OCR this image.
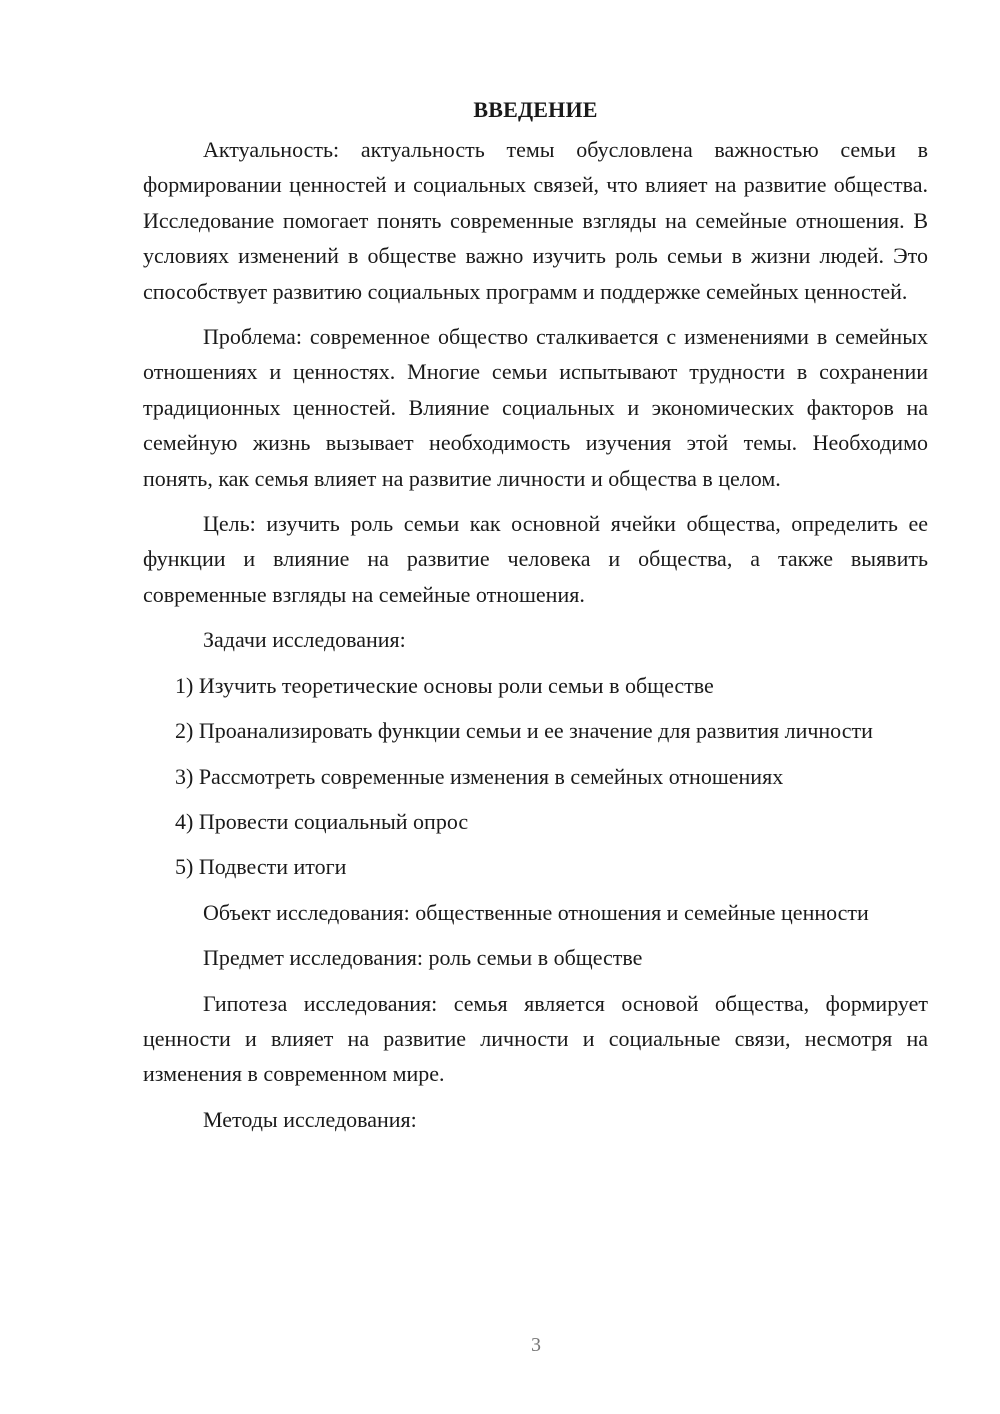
ВВЕДЕНИЕ

Актуальность: актуальность темы обусловлена важностью семьи в формировании ценностей и социальных связей, что влияет на развитие общества. Исследование помогает понять современные взгляды на семейные отношения. В условиях изменений в обществе важно изучить роль семьи в жизни людей. Это способствует развитию социальных программ и поддержке семейных ценностей.

Проблема: современное общество сталкивается с изменениями в семейных отношениях и ценностях. Многие семьи испытывают трудности в сохранении традиционных ценностей. Влияние социальных и экономических факторов на семейную жизнь вызывает необходимость изучения этой темы. Необходимо понять, как семья влияет на развитие личности и общества в целом.

Цель: изучить роль семьи как основной ячейки общества, определить ее функции и влияние на развитие человека и общества, а также выявить современные взгляды на семейные отношения.

Задачи исследования:

1) Изучить теоретические основы роли семьи в обществе

2) Проанализировать функции семьи и ее значение для развития личности

3) Рассмотреть современные изменения в семейных отношениях

4) Провести социальный опрос

5) Подвести итоги

Объект исследования: общественные отношения и семейные ценности

Предмет исследования: роль семьи в обществе

Гипотеза исследования: семья является основой общества, формирует ценности и влияет на развитие личности и социальные связи, несмотря на изменения в современном мире.

Методы исследования:

3
